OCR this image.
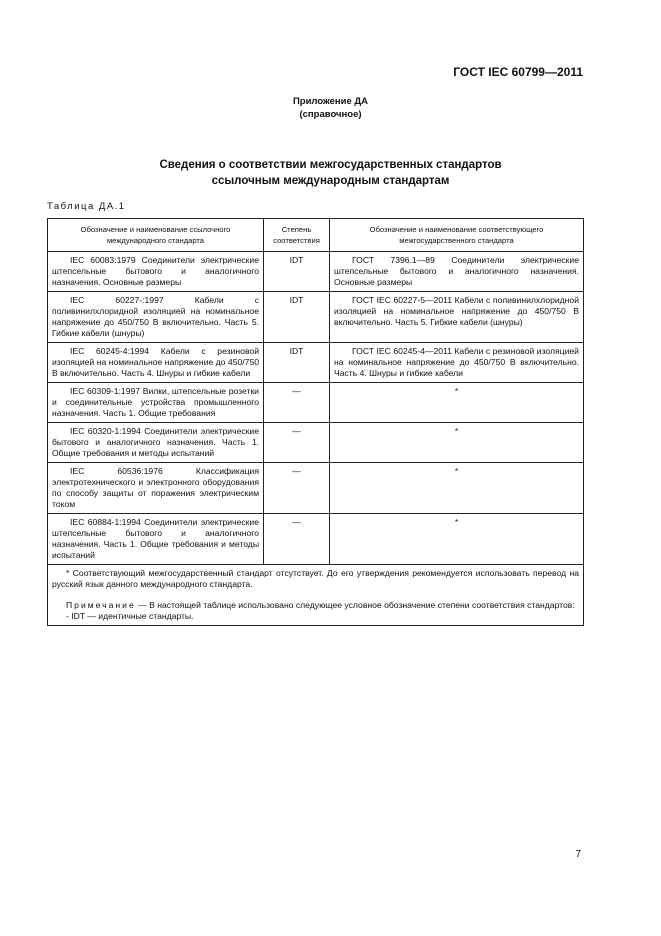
ГОСТ IEC 60799—2011
Приложение ДА
(справочное)
Сведения о соответствии межгосударственных стандартов
ссылочным международным стандартам
Таблица ДА.1
Обозначение и наименование ссылочного международного стандарта	Степень соответствия	Обозначение и наименование соответствующего межгосударственного стандарта
IEC 60083:1979 Соединители электрические штепсельные бытового и аналогичного назначения. Основные размеры	IDT	ГОСТ 7396.1—89 Соединители электрические штепсельные бытового и аналогичного назначения. Основные размеры
IEC 60227-:1997 Кабели с поливинилхлоридной изоляцией на номинальное напряжение до 450/750 В включительно. Часть 5. Гибкие кабели (шнуры)	IDT	ГОСТ IEC 60227-5—2011 Кабели с поливинилхлоридной изоляцией на номинальное напряжение до 450/750 В включительно. Часть 5. Гибкие кабели (шнуры)
IEC 60245-4:1994 Кабели с резиновой изоляцией на номинальное напряжение до 450/750 В включительно. Часть 4. Шнуры и гибкие кабели	IDT	ГОСТ IEC 60245-4—2011 Кабели с резиновой изоляцией на номинальное напряжение до 450/750 В включительно. Часть 4. Шнуры и гибкие кабели
IEC 60309-1:1997 Вилки, штепсельные розетки и соединительные устройства промышленного назначения. Часть 1. Общие требования	—	*
IEC 60320-1:1994 Соединители электрические бытового и аналогичного назначения. Часть 1. Общие требования и методы испытаний	—	*
IEC 60536:1976 Классификация электротехнического и электронного оборудования по способу защиты от поражения электрическим током	—	*
IEC 60884-1:1994 Соединители электрические штепсельные бытового и аналогичного назначения. Часть 1. Общие требования и методы испытаний	—	*

* Соответствующий межгосударственный стандарт отсутствует. До его утверждения рекомендуется использовать перевод на русский язык данного международного стандарта.

Примечание — В настоящей таблице использовано следующее условное обозначение степени соответствия стандартов:

- IDT — идентичные стандарты.		

7
